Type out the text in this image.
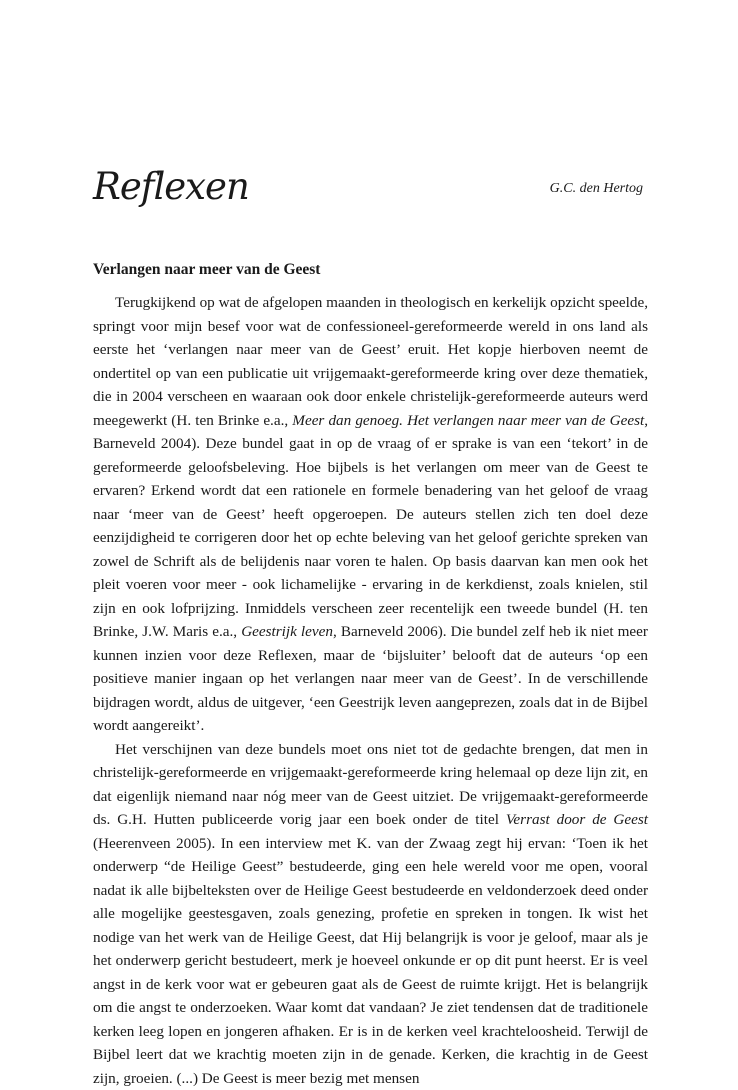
Reflexen	G.C. den Hertog
Verlangen naar meer van de Geest

Terugkijkend op wat de afgelopen maanden in theologisch en kerkelijk opzicht speelde, springt voor mijn besef voor wat de confessioneel-gereformeerde wereld in ons land als eerste het ‘verlangen naar meer van de Geest’ eruit. Het kopje hierboven neemt de ondertitel op van een publicatie uit vrijgemaakt-gereformeerde kring over deze thematiek, die in 2004 verscheen en waaraan ook door enkele christelijk-gereformeerde auteurs werd meegewerkt (H. ten Brinke e.a., Meer dan genoeg. Het verlangen naar meer van de Geest, Barneveld 2004). Deze bundel gaat in op de vraag of er sprake is van een ‘tekort’ in de gereformeerde geloofsbeleving. Hoe bijbels is het verlangen om meer van de Geest te ervaren? Erkend wordt dat een rationele en formele benadering van het geloof de vraag naar ‘meer van de Geest’ heeft opgeroepen. De auteurs stellen zich ten doel deze eenzijdigheid te corrigeren door het op echte beleving van het geloof gerichte spreken van zowel de Schrift als de belijdenis naar voren te halen. Op basis daarvan kan men ook het pleit voeren voor meer - ook lichamelijke - ervaring in de kerkdienst, zoals knielen, stil zijn en ook lofprijzing. Inmiddels verscheen zeer recentelijk een tweede bundel (H. ten Brinke, J.W. Maris e.a., Geestrijk leven, Barneveld 2006). Die bundel zelf heb ik niet meer kunnen inzien voor deze Reflexen, maar de ‘bijsluiter’ belooft dat de auteurs ‘op een positieve manier ingaan op het verlangen naar meer van de Geest’. In de verschillende bijdragen wordt, aldus de uitgever, ‘een Geestrijk leven aangeprezen, zoals dat in de Bijbel wordt aangereikt’.

Het verschijnen van deze bundels moet ons niet tot de gedachte brengen, dat men in christelijk-gereformeerde en vrijgemaakt-gereformeerde kring helemaal op deze lijn zit, en dat eigenlijk niemand naar nóg meer van de Geest uitziet. De vrijgemaakt-gereformeerde ds. G.H. Hutten publiceerde vorig jaar een boek onder de titel Verrast door de Geest (Heerenveen 2005). In een interview met K. van der Zwaag zegt hij ervan: ‘Toen ik het onderwerp “de Heilige Geest” bestudeerde, ging een hele wereld voor me open, vooral nadat ik alle bijbelteksten over de Heilige Geest bestudeerde en veldonderzoek deed onder alle mogelijke geestesgaven, zoals genezing, profetie en spreken in tongen. Ik wist het nodige van het werk van de Heilige Geest, dat Hij belangrijk is voor je geloof, maar als je het onderwerp gericht bestudeert, merk je hoeveel onkunde er op dit punt heerst. Er is veel angst in de kerk voor wat er gebeuren gaat als de Geest de ruimte krijgt. Het is belangrijk om die angst te onderzoeken. Waar komt dat vandaan? Je ziet tendensen dat de traditionele kerken leeg lopen en jongeren afhaken. Er is in de kerken veel krachteloosheid. Terwijl de Bijbel leert dat we krachtig moeten zijn in de genade. Kerken, die krachtig in de Geest zijn, groeien. (...) De Geest is meer bezig met mensen
